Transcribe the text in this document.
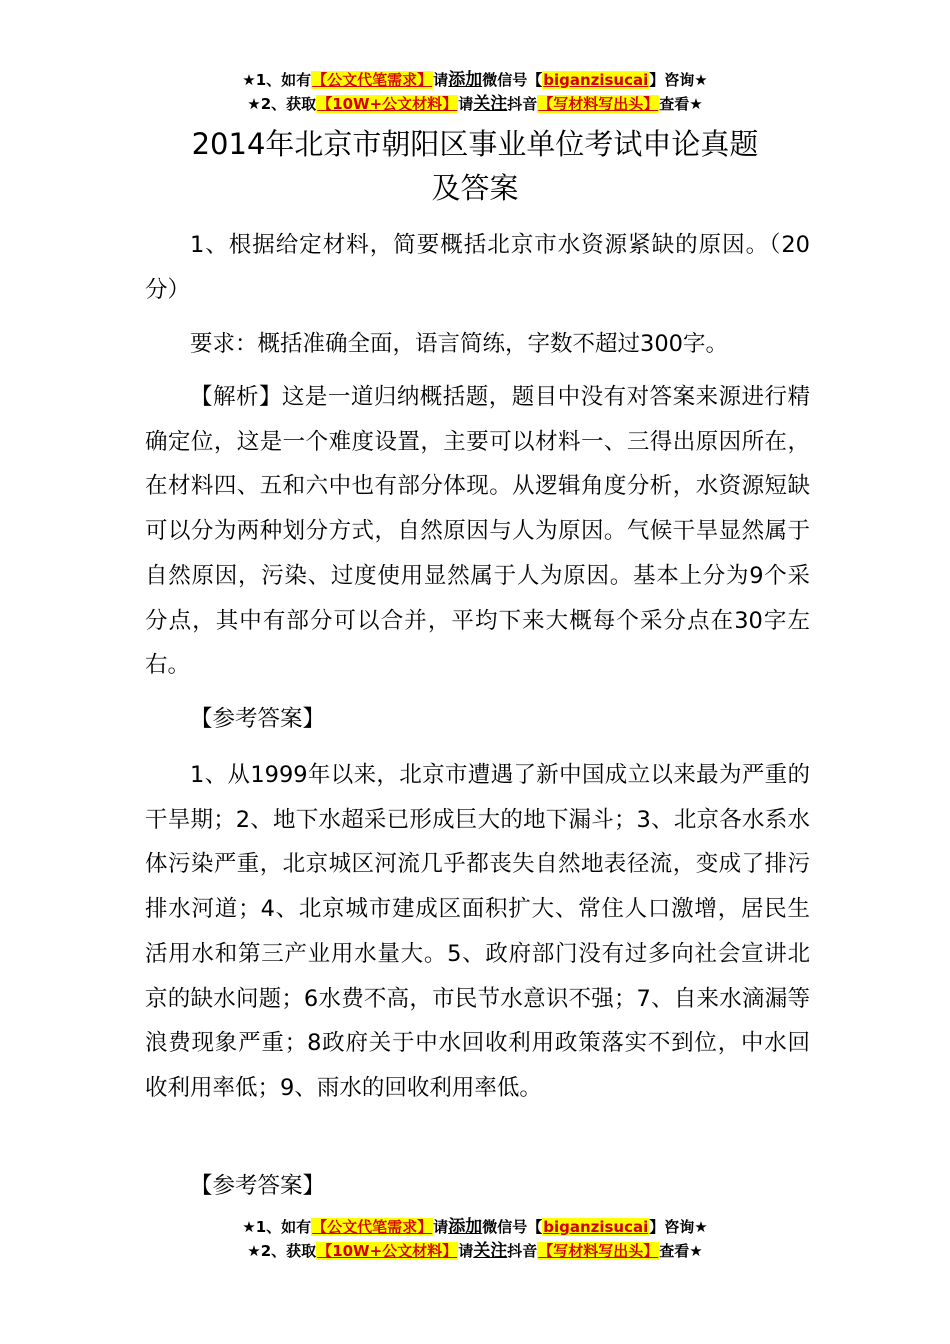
★1、如有【公文代笔需求】请添加微信号【biganzisucai】咨询★
★2、获取【10W+公文材料】请关注抖音【写材料写出头】查看★
2014年北京市朝阳区事业单位考试申论真题
及答案
1、根据给定材料，简要概括北京市水资源紧缺的原因。（20分）
要求：概括准确全面，语言简练，字数不超过300字。
【解析】这是一道归纳概括题，题目中没有对答案来源进行精确定位，这是一个难度设置，主要可以材料一、三得出原因所在，在材料四、五和六中也有部分体现。从逻辑角度分析，水资源短缺可以分为两种划分方式，自然原因与人为原因。气候干旱显然属于自然原因，污染、过度使用显然属于人为原因。基本上分为9个采分点，其中有部分可以合并，平均下来大概每个采分点在30字左右。
【参考答案】
1、从1999年以来，北京市遭遇了新中国成立以来最为严重的干旱期；2、地下水超采已形成巨大的地下漏斗；3、北京各水系水体污染严重，北京城区河流几乎都丧失自然地表径流，变成了排污排水河道；4、北京城市建成区面积扩大、常住人口激增，居民生活用水和第三产业用水量大。5、政府部门没有过多向社会宣讲北京的缺水问题；6水费不高，市民节水意识不强；7、自来水滴漏等浪费现象严重；8政府关于中水回收利用政策落实不到位，中水回收利用率低；9、雨水的回收利用率低。
【参考答案】
★1、如有【公文代笔需求】请添加微信号【biganzisucai】咨询★
★2、获取【10W+公文材料】请关注抖音【写材料写出头】查看★
